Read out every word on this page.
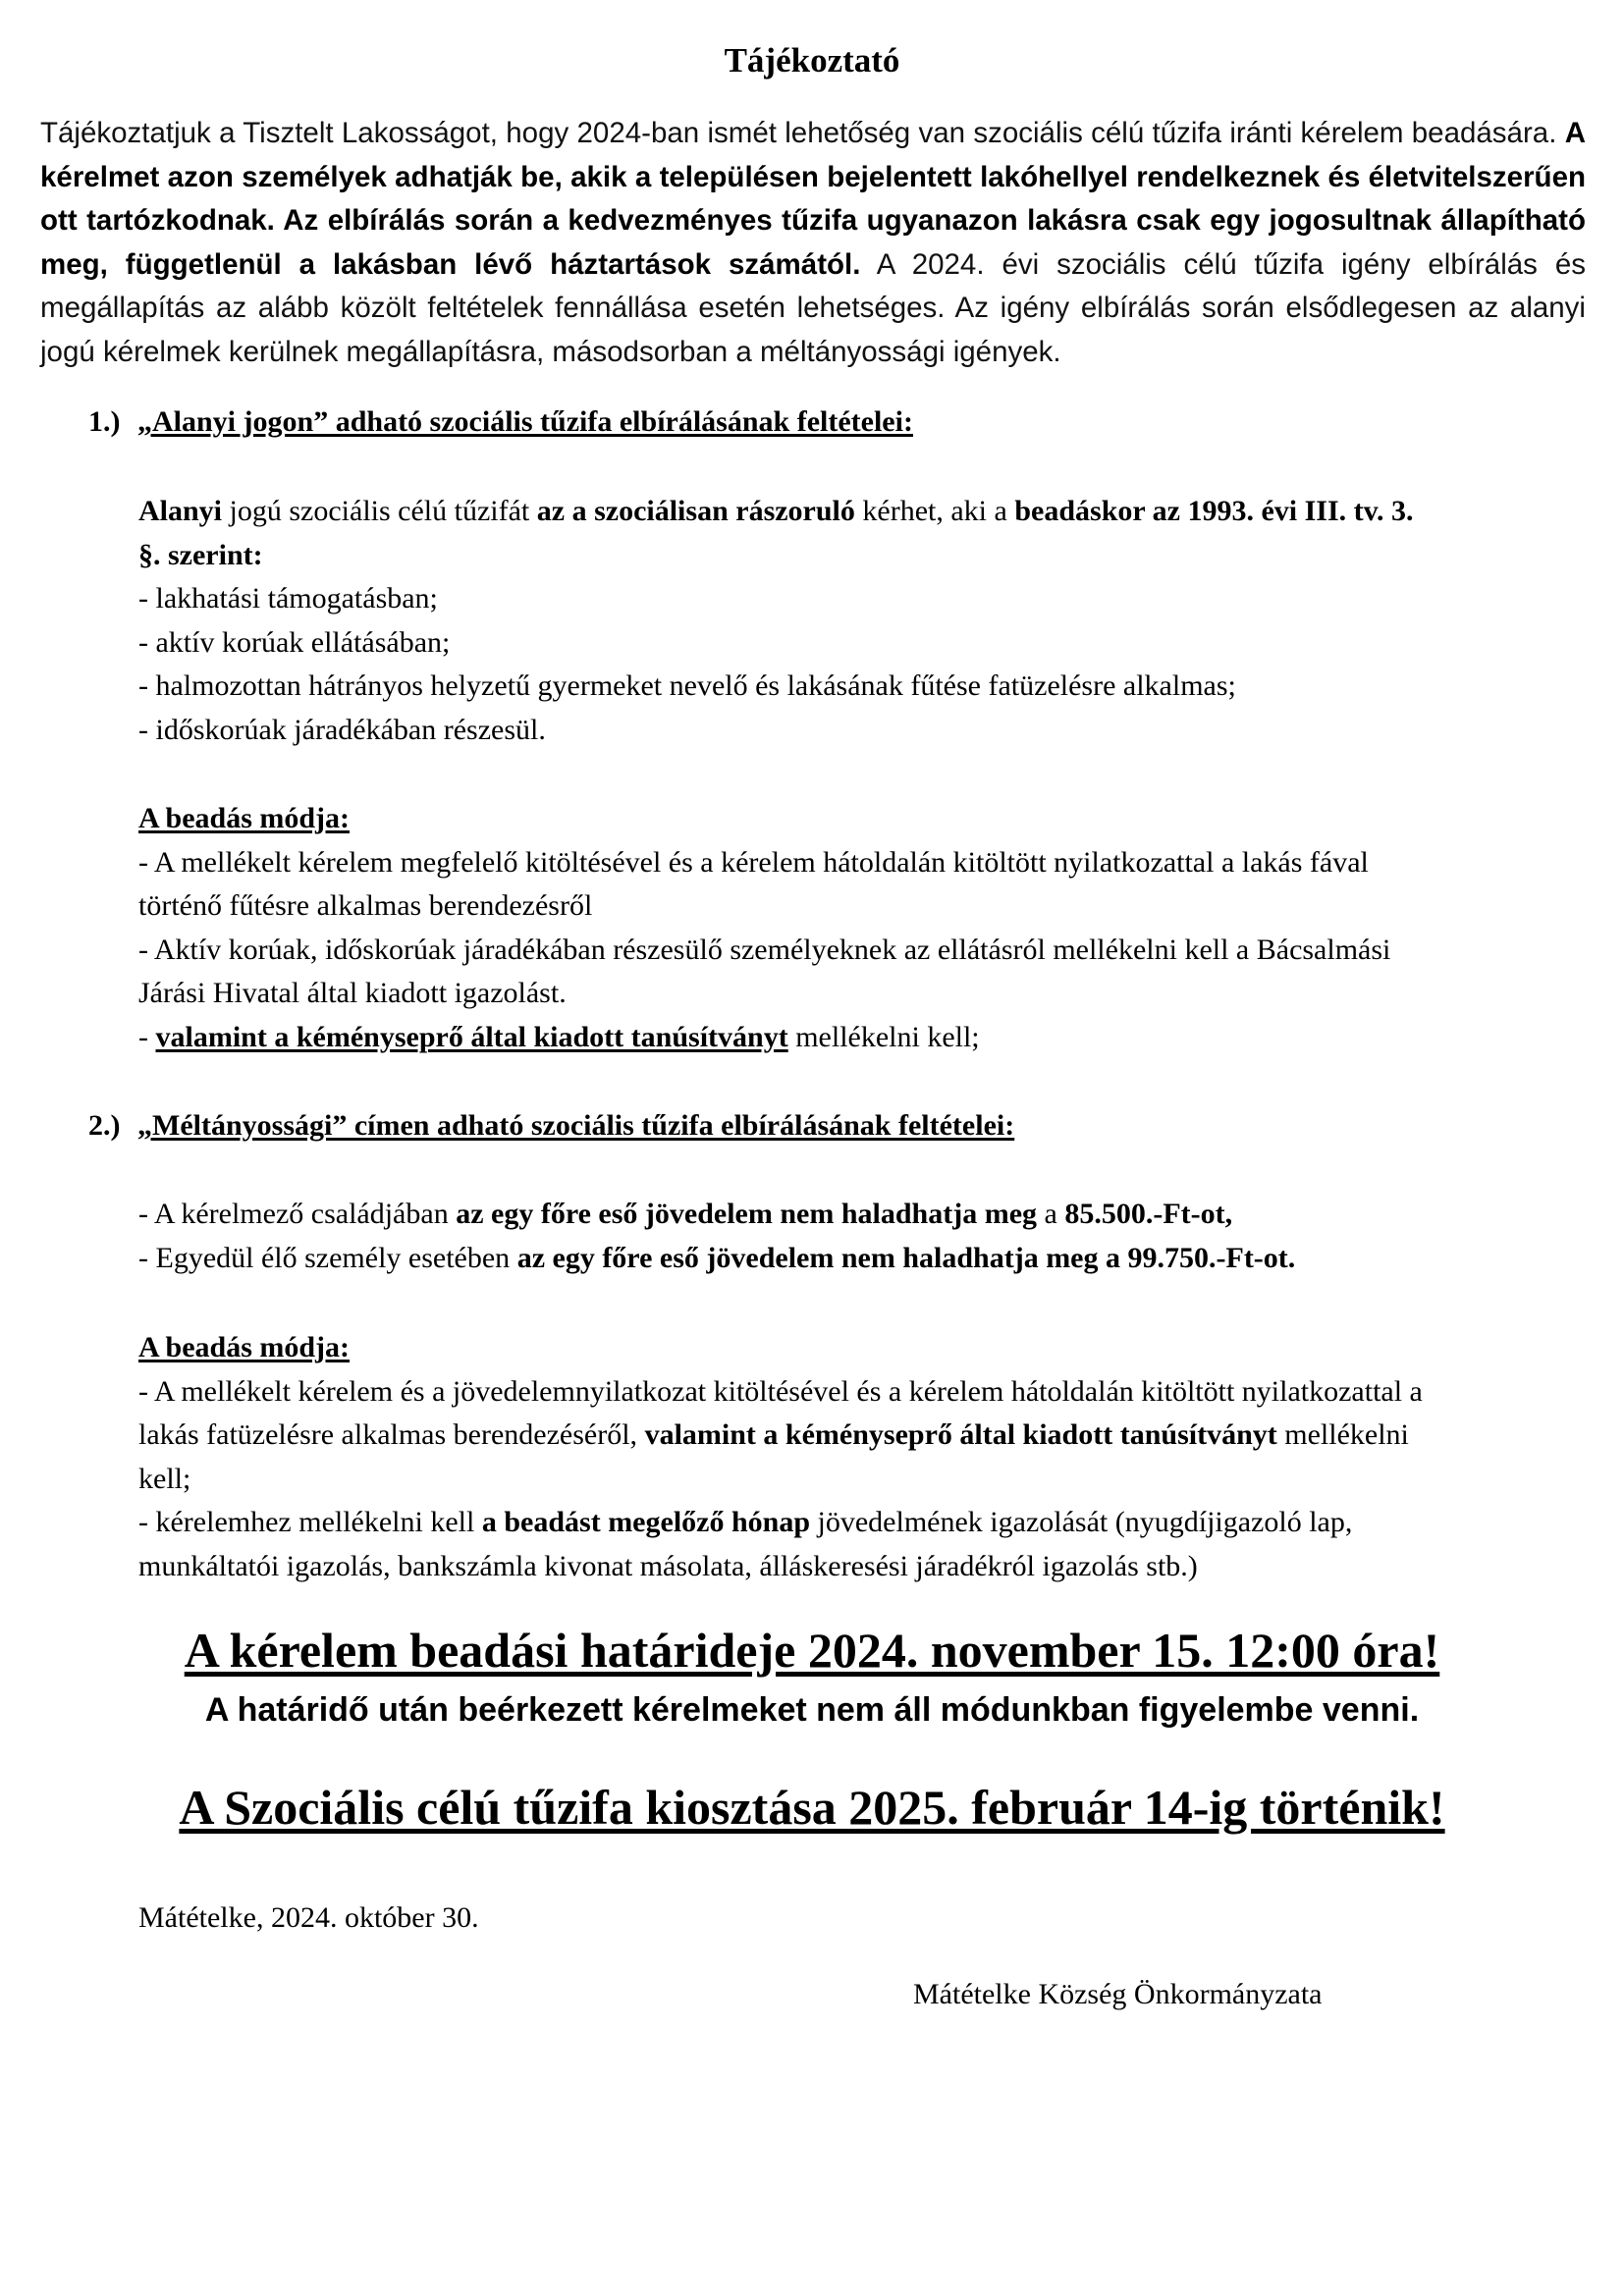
Tájékoztató
Tájékoztatjuk a Tisztelt Lakosságot, hogy 2024-ban ismét lehetőség van szociális célú tűzifa iránti kérelem beadására. A kérelmet azon személyek adhatják be, akik a településen bejelentett lakóhellyel rendelkeznek és életvitelszerűen ott tartózkodnak. Az elbírálás során a kedvezményes tűzifa ugyanazon lakásra csak egy jogosultnak állapítható meg, függetlenül a lakásban lévő háztartások számától. A 2024. évi szociális célú tűzifa igény elbírálás és megállapítás az alább közölt feltételek fennállása esetén lehetséges. Az igény elbírálás során elsődlegesen az alanyi jogú kérelmek kerülnek megállapításra, másodsorban a méltányossági igények.
1.) „Alanyi jogon” adható szociális tűzifa elbírálásának feltételei:
Alanyi jogú szociális célú tűzifát az a szociálisan rászoruló kérhet, aki a beadáskor az 1993. évi III. tv. 3.
§. szerint:
- lakhatási támogatásban;
- aktív korúak ellátásában;
- halmozottan hátrányos helyzetű gyermeket nevelő és lakásának fűtése fatüzelésre alkalmas;
- időskorúak járadékában részesül.
A beadás módja:
- A mellékelt kérelem megfelelő kitöltésével és a kérelem hátoldalán kitöltött nyilatkozattal a lakás fával
történő fűtésre alkalmas berendezésről
- Aktív korúak, időskorúak járadékában részesülő személyeknek az ellátásról mellékelni kell a Bácsalmási
Járási Hivatal által kiadott igazolást.
- valamint a kéményseprő által kiadott tanúsítványt mellékelni kell;
2.) „Méltányossági” címen adható szociális tűzifa elbírálásának feltételei:
- A kérelmező családjában az egy főre eső jövedelem nem haladhatja meg a 85.500.-Ft-ot,
- Egyedül élő személy esetében az egy főre eső jövedelem nem haladhatja meg a 99.750.-Ft-ot.
A beadás módja:
- A mellékelt kérelem és a jövedelemnyilatkozat kitöltésével és a kérelem hátoldalán kitöltött nyilatkozattal a
lakás fatüzelésre alkalmas berendezéséről, valamint a kéményseprő által kiadott tanúsítványt mellékelni
kell;
- kérelemhez mellékelni kell a beadást megelőző hónap jövedelmének igazolását (nyugdíjigazoló lap,
munkáltatói igazolás, bankszámla kivonat másolata, álláskeresési járadékról igazolás stb.)
A kérelem beadási határideje 2024. november 15. 12:00 óra!
A határidő után beérkezett kérelmeket nem áll módunkban figyelembe venni.
A Szociális célú tűzifa kiosztása 2025. február 14-ig történik!
Mátételke, 2024. október 30.
Mátételke Község Önkormányzata
